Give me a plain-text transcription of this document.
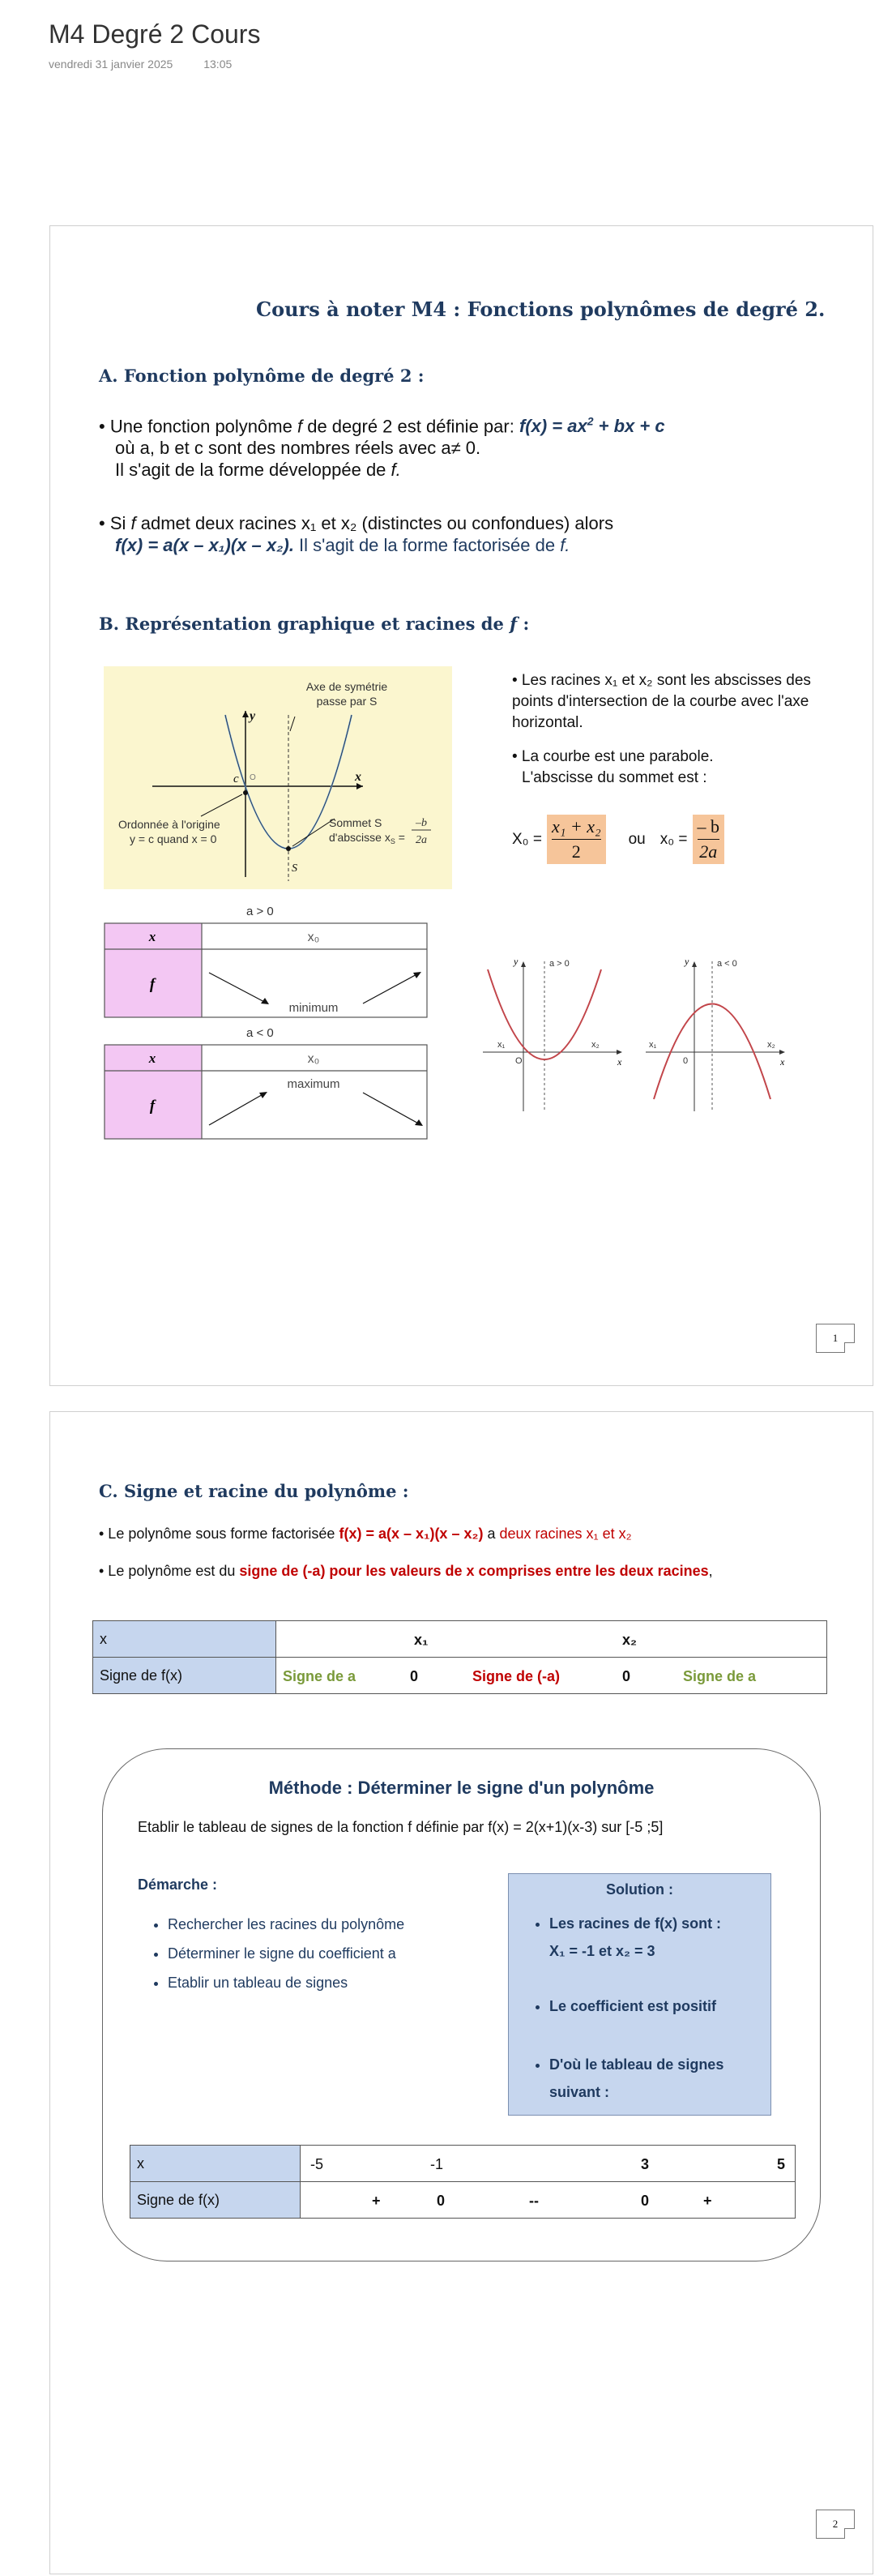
M4 Degré 2 Cours
vendredi 31 janvier 2025	13:05
Cours à noter M4 : Fonctions polynômes de degré 2.
A. Fonction polynôme de degré 2 :
• Une fonction polynôme f de degré 2 est définie par: $f(x) = ax^2$ + bx + c
où a, b et c sont des nombres réels avec a≠ 0.
Il s'agit de la forme développée de f.
• Si f admet deux racines x₁ et x₂ (distinctes ou confondues) alors
f(x) = a(x – x₁)(x – x₂). Il s'agit de la forme factorisée de f.
B. Représentation graphique et racines de f :
Axe de symétrie passe par S
Ordonnée à l'origine y = c quand x = 0
Sommet S d'abscisse $x_S$ =
–b
2a
c
S
x
y
O
• Les racines x₁ et x₂ sont les abscisses des points d'intersection de la courbe avec l'axe horizontal.
• La courbe est une parabole.
L'abscisse du sommet est :
X₀ =
x₁ + x₂
2
ou x₀ =
– b
2a
a > 0
x	x₀
f
minimum
a < 0
x	x₀
f
maximum
y	a > 0
x
x₁	x₂
O
y	a < 0
x
x₁	x₂
0
1
C. Signe et racine du polynôme :
• Le polynôme sous forme factorisée f(x) = a(x – x₁)(x – x₂) a deux racines x₁ et x₂
• Le polynôme est du signe de (-a) pour les valeurs de x comprises entre les deux racines,
x	x₁ x₂

Signe de f(x)	Signe de a 0 Signe de (-a) 0 Signe de a
Méthode : Déterminer le signe d'un polynôme
Etablir le tableau de signes de la fonction f définie par f(x) = 2(x+1)(x-3) sur [-5 ;5]
Démarche :
• Rechercher les racines du polynôme
• Déterminer le signe du coefficient a
• Etablir un tableau de signes
Solution :
• Les racines de f(x) sont :
X₁ = -1 et x₂ = 3
• Le coefficient est positif
• D'où le tableau de signes
suivant :
x	-5 -1 3 5

Signe de f(x)	+ 0 -- 0 +
2
